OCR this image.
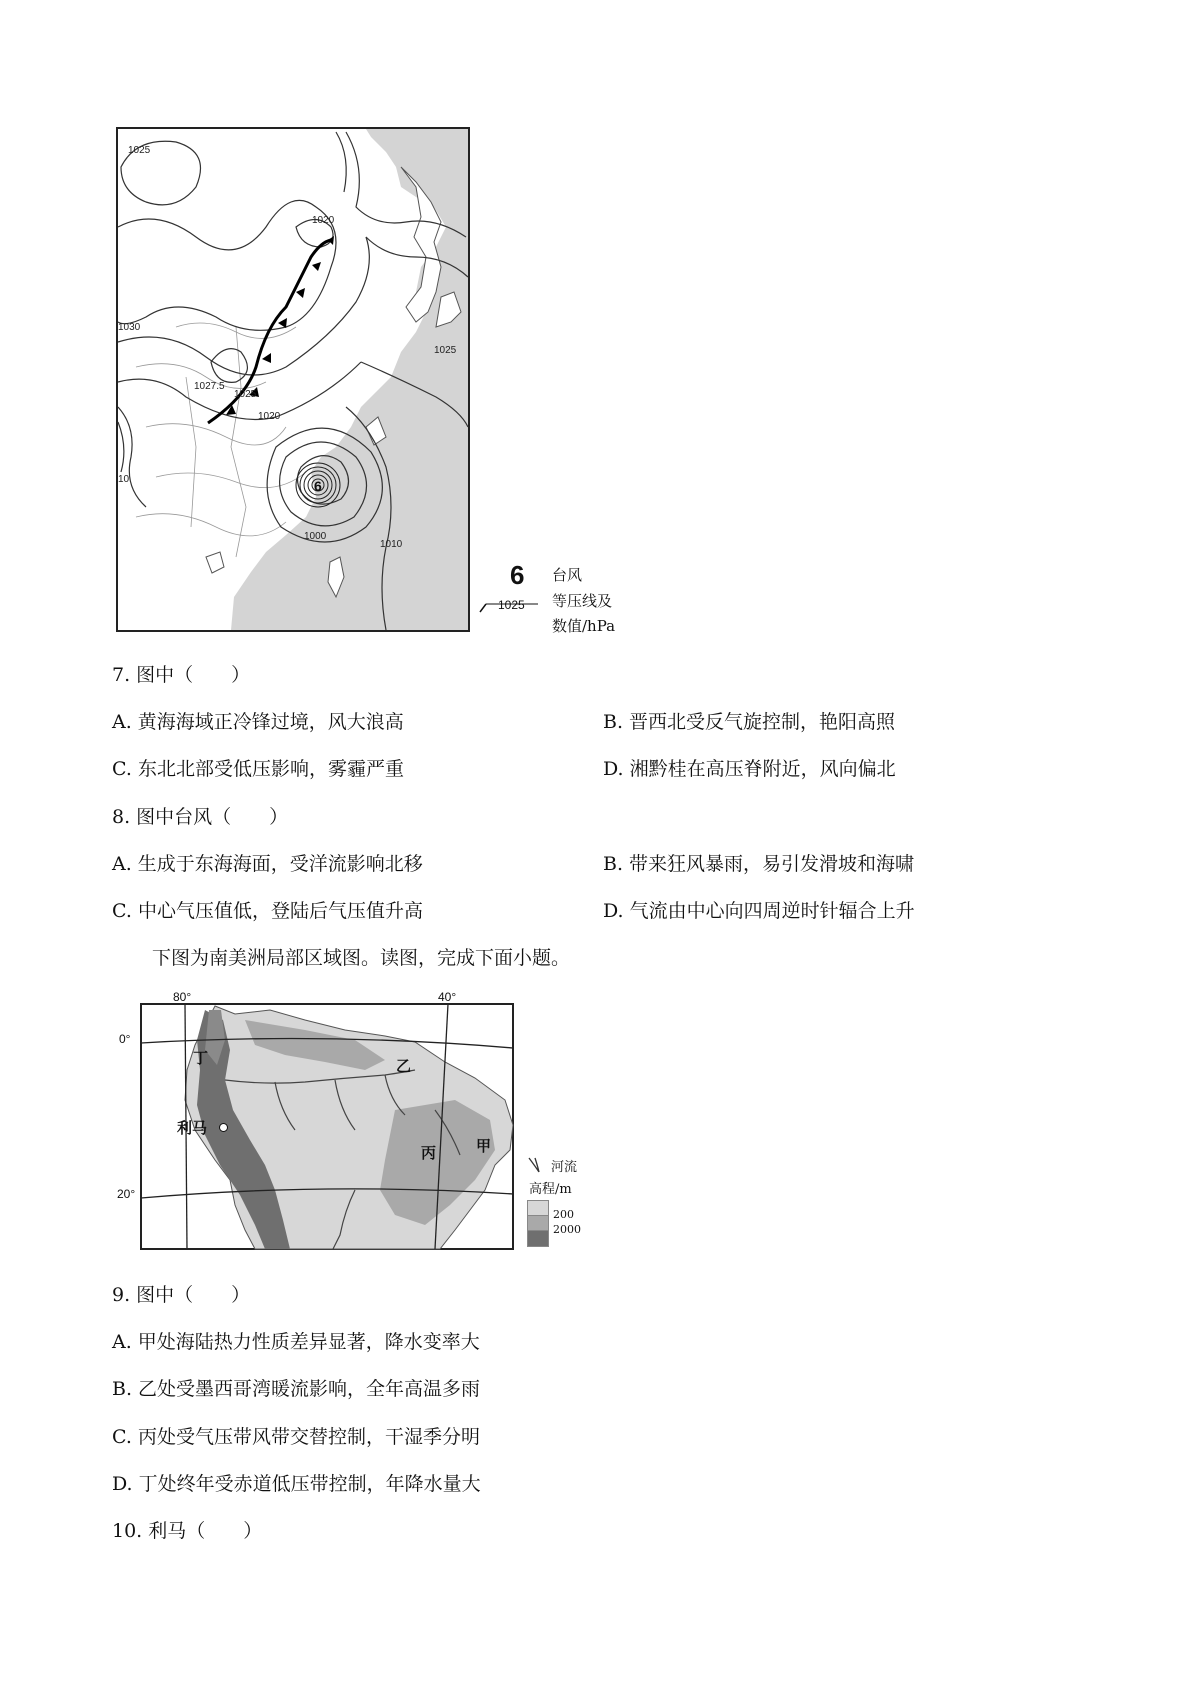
6
1025
1020
1030
1027.5
1025
1020
1025
1000
1010
10
6 台风
1025 等压线及
数值/hPa
7. 图中（　　）
A. 黄海海域正冷锋过境，风大浪高	B. 晋西北受反气旋控制，艳阳高照
C. 东北北部受低压影响，雾霾严重	D. 湘黔桂在高压脊附近，风向偏北
8. 图中台风（　　）
A. 生成于东海海面，受洋流影响北移	B. 带来狂风暴雨，易引发滑坡和海啸
C. 中心气压值低，登陆后气压值升高	D. 气流由中心向四周逆时针辐合上升
下图为南美洲局部区域图。读图，完成下面小题。
80°	40°
0°
20°
丁	乙
利马
丙	甲
河流
高程/m
200
2000
9. 图中（　　）
A. 甲处海陆热力性质差异显著，降水变率大
B. 乙处受墨西哥湾暖流影响，全年高温多雨
C. 丙处受气压带风带交替控制，干湿季分明
D. 丁处终年受赤道低压带控制，年降水量大
10. 利马（　　）
